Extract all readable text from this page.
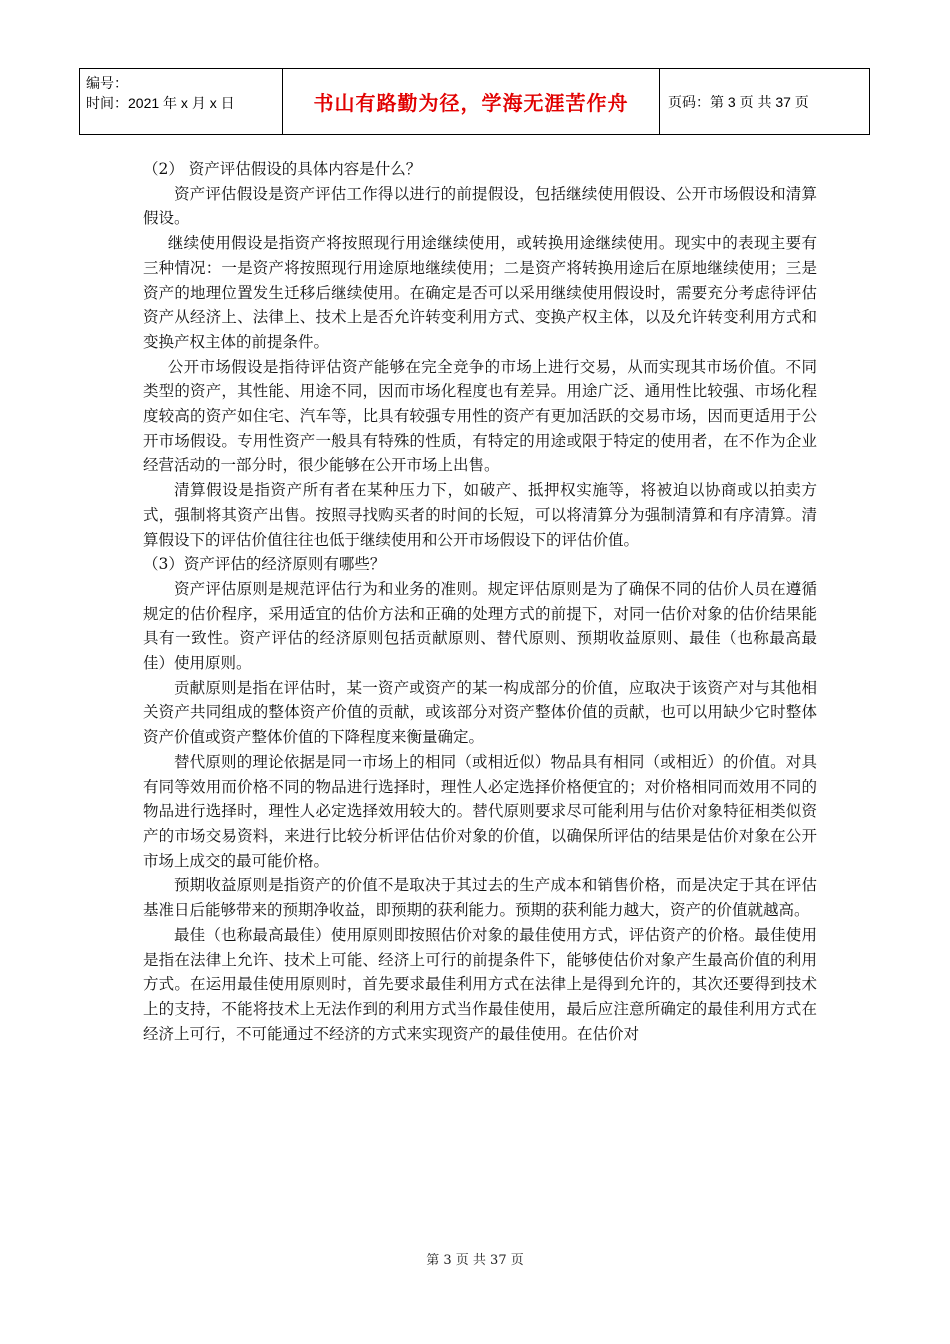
编号：
时间：2021 年 x 月 x 日	书山有路勤为径，学海无涯苦作舟	页码：第 3 页 共 37 页

（2） 资产评估假设的具体内容是什么？

资产评估假设是资产评估工作得以进行的前提假设，包括继续使用假设、公开市场假设和清算假设。

继续使用假设是指资产将按照现行用途继续使用，或转换用途继续使用。现实中的表现主要有三种情况：一是资产将按照现行用途原地继续使用；二是资产将转换用途后在原地继续使用；三是资产的地理位置发生迁移后继续使用。在确定是否可以采用继续使用假设时，需要充分考虑待评估资产从经济上、法律上、技术上是否允许转变利用方式、变换产权主体，以及允许转变利用方式和变换产权主体的前提条件。

公开市场假设是指待评估资产能够在完全竞争的市场上进行交易，从而实现其市场价值。不同类型的资产，其性能、用途不同，因而市场化程度也有差异。用途广泛、通用性比较强、市场化程度较高的资产如住宅、汽车等，比具有较强专用性的资产有更加活跃的交易市场，因而更适用于公开市场假设。专用性资产一般具有特殊的性质，有特定的用途或限于特定的使用者，在不作为企业经营活动的一部分时，很少能够在公开市场上出售。

清算假设是指资产所有者在某种压力下，如破产、抵押权实施等，将被迫以协商或以拍卖方式，强制将其资产出售。按照寻找购买者的时间的长短，可以将清算分为强制清算和有序清算。清算假设下的评估价值往往也低于继续使用和公开市场假设下的评估价值。

（3）资产评估的经济原则有哪些？

资产评估原则是规范评估行为和业务的准则。规定评估原则是为了确保不同的估价人员在遵循规定的估价程序，采用适宜的估价方法和正确的处理方式的前提下，对同一估价对象的估价结果能具有一致性。资产评估的经济原则包括贡献原则、替代原则、预期收益原则、最佳（也称最高最佳）使用原则。

贡献原则是指在评估时，某一资产或资产的某一构成部分的价值，应取决于该资产对与其他相关资产共同组成的整体资产价值的贡献，或该部分对资产整体价值的贡献，也可以用缺少它时整体资产价值或资产整体价值的下降程度来衡量确定。

替代原则的理论依据是同一市场上的相同（或相近似）物品具有相同（或相近）的价值。对具有同等效用而价格不同的物品进行选择时，理性人必定选择价格便宜的；对价格相同而效用不同的物品进行选择时，理性人必定选择效用较大的。替代原则要求尽可能利用与估价对象特征相类似资产的市场交易资料，来进行比较分析评估估价对象的价值，以确保所评估的结果是估价对象在公开市场上成交的最可能价格。

预期收益原则是指资产的价值不是取决于其过去的生产成本和销售价格，而是决定于其在评估基准日后能够带来的预期净收益，即预期的获利能力。预期的获利能力越大，资产的价值就越高。

最佳（也称最高最佳）使用原则即按照估价对象的最佳使用方式，评估资产的价格。最佳使用是指在法律上允许、技术上可能、经济上可行的前提条件下，能够使估价对象产生最高价值的利用方式。在运用最佳使用原则时，首先要求最佳利用方式在法律上是得到允许的，其次还要得到技术上的支持，不能将技术上无法作到的利用方式当作最佳使用，最后应注意所确定的最佳利用方式在经济上可行，不可能通过不经济的方式来实现资产的最佳使用。在估价对

第 3 页 共 37 页
